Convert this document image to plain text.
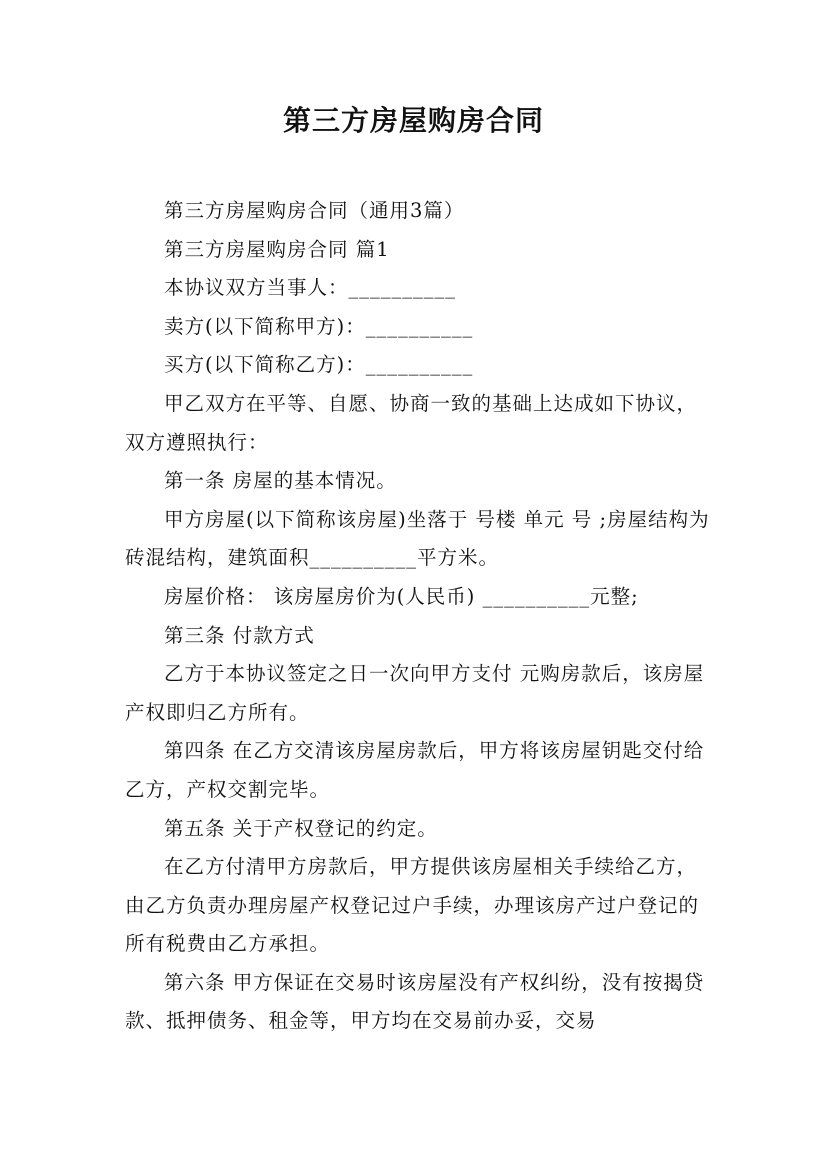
第三方房屋购房合同

第三方房屋购房合同（通用3篇）

第三方房屋购房合同 篇1

本协议双方当事人：__________

卖方(以下简称甲方)：__________

买方(以下简称乙方)：__________

甲乙双方在平等、自愿、协商一致的基础上达成如下协议，双方遵照执行：

第一条 房屋的基本情况。

甲方房屋(以下简称该房屋)坐落于 号楼 单元 号 ;房屋结构为砖混结构，建筑面积__________平方米。

房屋价格： 该房屋房价为(人民币) __________元整;

第三条 付款方式

乙方于本协议签定之日一次向甲方支付 元购房款后，该房屋产权即归乙方所有。

第四条 在乙方交清该房屋房款后，甲方将该房屋钥匙交付给乙方，产权交割完毕。

第五条 关于产权登记的约定。

在乙方付清甲方房款后，甲方提供该房屋相关手续给乙方，由乙方负责办理房屋产权登记过户手续，办理该房产过户登记的所有税费由乙方承担。

第六条 甲方保证在交易时该房屋没有产权纠纷，没有按揭贷款、抵押债务、租金等，甲方均在交易前办妥，交易
